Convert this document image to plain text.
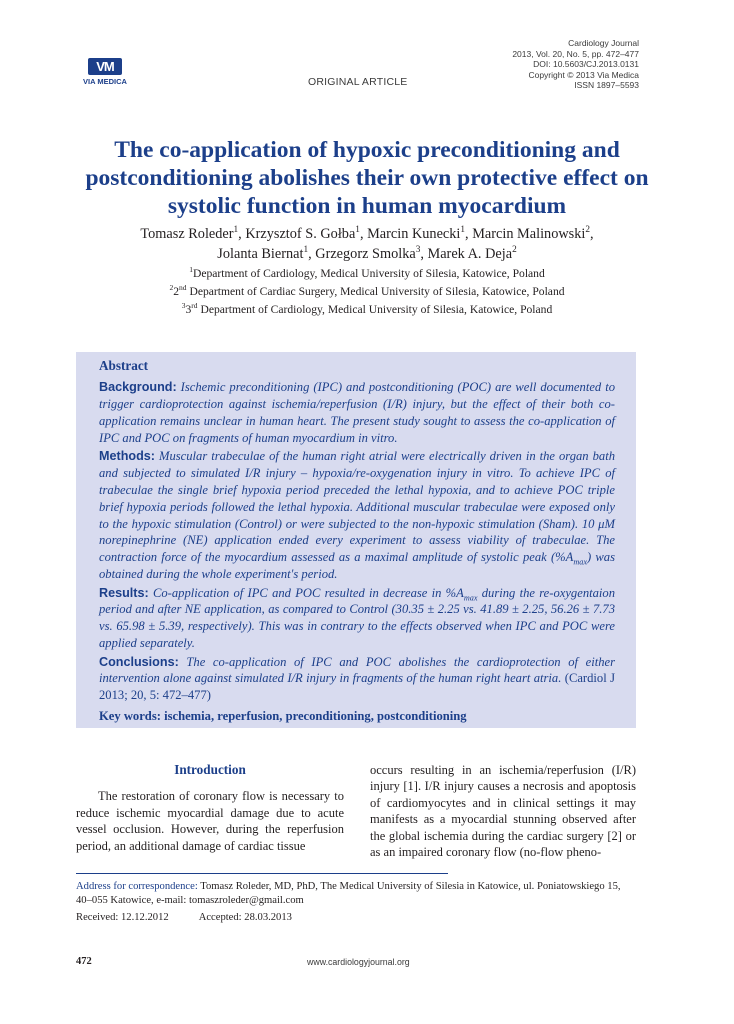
VM
VIA MEDICA	ORIGINAL ARTICLE
Cardiology Journal
2013, Vol. 20, No. 5, pp. 472–477
DOI: 10.5603/CJ.2013.0131
Copyright © 2013 Via Medica
ISSN 1897–5593
The co-application of hypoxic preconditioning and postconditioning abolishes their own protective effect on systolic function in human myocardium
Tomasz Roleder$^1$, Krzysztof S. Gołba$^1$, Marcin Kunecki$^1$, Marcin Malinowski$^2$,
Jolanta Biernat$^1$, Grzegorz Smolka$^3$, Marek A. Deja$^2$
$^1$Department of Cardiology, Medical University of Silesia, Katowice, Poland
$^2$2nd Department of Cardiac Surgery, Medical University of Silesia, Katowice, Poland
$^3$3rd Department of Cardiology, Medical University of Silesia, Katowice, Poland

Abstract

Background: Ischemic preconditioning (IPC) and postconditioning (POC) are well documented to trigger cardioprotection against ischemia/reperfusion (I/R) injury, but the effect of their both co-application remains unclear in human heart. The present study sought to assess the co-application of IPC and POC on fragments of human myocardium in vitro.

Methods: Muscular trabeculae of the human right atrial were electrically driven in the organ bath and subjected to simulated I/R injury – hypoxia/re-oxygenation injury in vitro. To achieve IPC of trabeculae the single brief hypoxia period preceded the lethal hypoxia, and to achieve POC triple brief hypoxia periods followed the lethal hypoxia. Additional muscular trabeculae were exposed only to the hypoxic stimulation (Control) or were subjected to the non-hypoxic stimulation (Sham). 10 μM norepinephrine (NE) application ended every experiment to assess viability of trabeculae. The contraction force of the myocardium assessed as a maximal amplitude of systolic peak $(\%A_{max})$ was obtained during the whole experiment's period.

Results: Co-application of IPC and POC resulted in decrease in $\%A_{max}$ during the re-oxygentaion period and after NE application, as compared to Control (30.35 ± 2.25 vs. 41.89 ± 2.25, 56.26 ± 7.73 vs. 65.98 ± 5.39, respectively). This was in contrary to the effects observed when IPC and POC were applied separately.

Conclusions: The co-application of IPC and POC abolishes the cardioprotection of either intervention alone against simulated I/R injury in fragments of the human right heart atria. (Cardiol J 2013; 20, 5: 472–477)

Key words: ischemia, reperfusion, preconditioning, postconditioning

Introduction

The restoration of coronary flow is necessary to reduce ischemic myocardial damage due to acute vessel occlusion. However, during the reperfusion period, an additional damage of cardiac tissue

occurs resulting in an ischemia/reperfusion (I/R) injury [1]. I/R injury causes a necrosis and apoptosis of cardiomyocytes and in clinical settings it may manifests as a myocardial stunning observed after the global ischemia during the cardiac surgery [2] or as an impaired coronary flow (no-flow pheno-

Address for correspondence: Tomasz Roleder, MD, PhD, The Medical University of Silesia in Katowice, ul. Poniatowskiego 15, 40–055 Katowice, e-mail: tomaszroleder@gmail.com
Received: 12.12.2012	Accepted: 28.03.2013
472	www.cardiologyjournal.org
